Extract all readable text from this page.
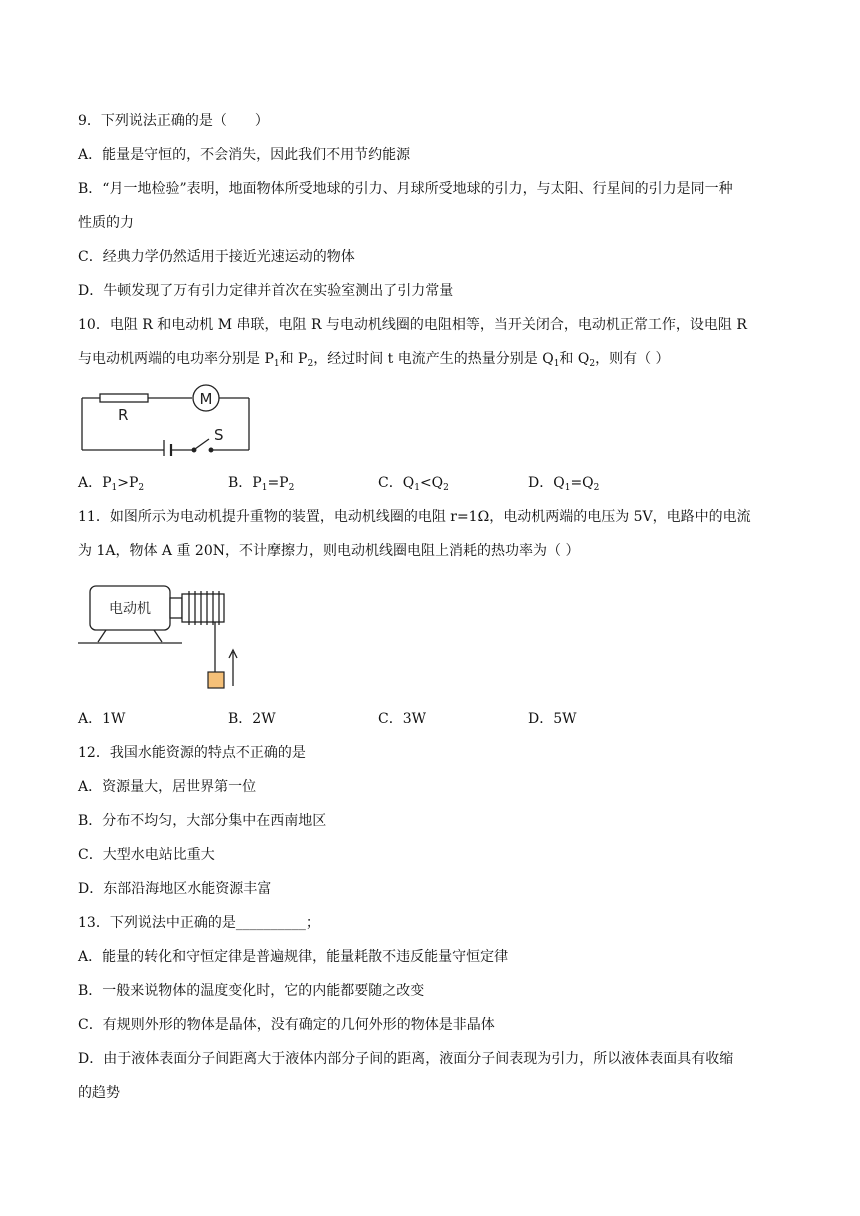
9．下列说法正确的是（　　）
A．能量是守恒的，不会消失，因此我们不用节约能源
B．“月一地检验”表明，地面物体所受地球的引力、月球所受地球的引力，与太阳、行星间的引力是同一种
性质的力
C．经典力学仍然适用于接近光速运动的物体
D．牛顿发现了万有引力定律并首次在实验室测出了引力常量
10．电阻 R 和电动机 M 串联，电阻 R 与电动机线圈的电阻相等，当开关闭合，电动机正常工作，设电阻 R
与电动机两端的电功率分别是 $P_1$和 $P_2$，经过时间 t 电流产生的热量分别是 $Q_1$和 $Q_2$，则有（ ）
R
M
S
A．$P_1>P_2$	B．$P_1=P_2$	C．$Q_1<Q_2$	D．$Q_1=Q_2$
11．如图所示为电动机提升重物的装置，电动机线圈的电阻 r=1Ω，电动机两端的电压为 5V，电路中的电流
为 1A，物体 A 重 20N，不计摩擦力，则电动机线圈电阻上消耗的热功率为（ ）
电动机
A．1W	B．2W	C．3W	D．5W
12．我国水能资源的特点不正确的是
A．资源量大，居世界第一位
B．分布不均匀，大部分集中在西南地区
C．大型水电站比重大
D．东部沿海地区水能资源丰富
13．下列说法中正确的是__________；
A．能量的转化和守恒定律是普遍规律，能量耗散不违反能量守恒定律
B．一般来说物体的温度变化时，它的内能都要随之改变
C．有规则外形的物体是晶体，没有确定的几何外形的物体是非晶体
D．由于液体表面分子间距离大于液体内部分子间的距离，液面分子间表现为引力，所以液体表面具有收缩
的趋势
